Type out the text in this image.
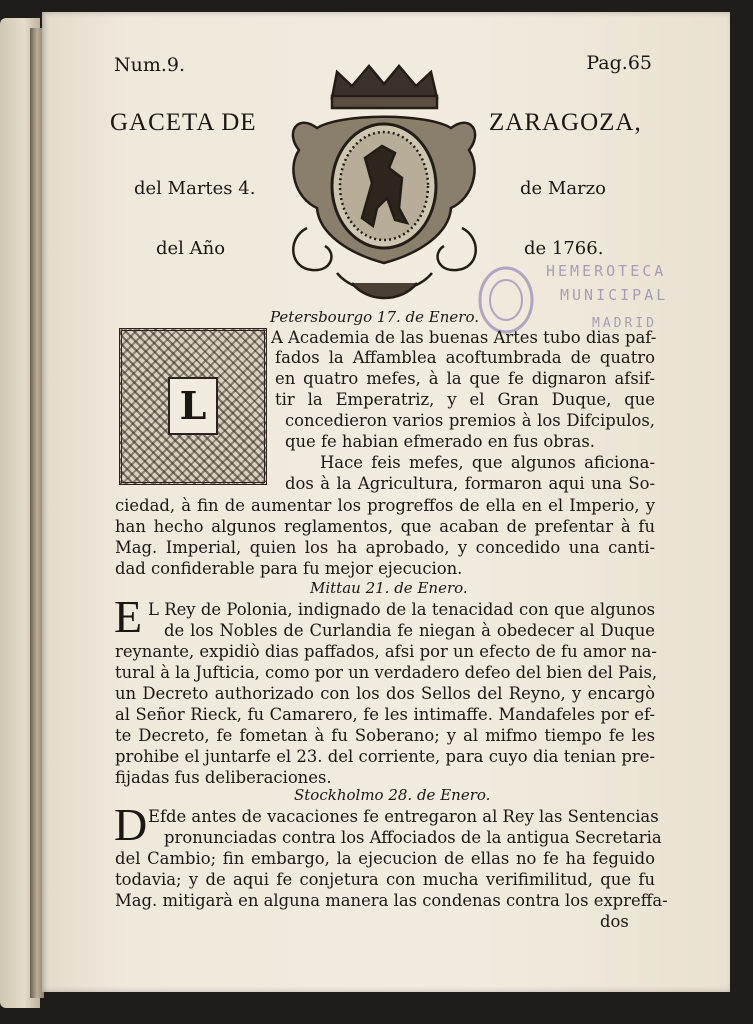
Num.9.	Pag.65
GACETA DE	ZARAGOZA,
del Martes 4.	de Marzo
del Año	de 1766.
HEMEROTECA
MUNICIPAL
MADRID
Petersbourgo 17. de Enero.
L
A Academia de las buenas Artes tubo dias paf-
fados la Affamblea acoftumbrada de quatro
en quatro mefes, à la que fe dignaron afsif-
tir la Emperatriz, y el Gran Duque, que
concedieron varios premios à los Difcipulos,
que fe habian efmerado en fus obras.
Hace feis mefes, que algunos aficiona-
dos à la Agricultura, formaron aqui una So-
ciedad, à fin de aumentar los progreffos de ella en el Imperio, y
han hecho algunos reglamentos, que acaban de prefentar à fu
Mag. Imperial, quien los ha aprobado, y concedido una canti-
dad confiderable para fu mejor ejecucion.
Mittau 21. de Enero.
E L Rey de Polonia, indignado de la tenacidad con que algunos
de los Nobles de Curlandia fe niegan à obedecer al Duque
reynante, expidiò dias paffados, afsi por un efecto de fu amor na-
tural à la Jufticia, como por un verdadero defeo del bien del Pais,
un Decreto authorizado con los dos Sellos del Reyno, y encargò
al Señor Rieck, fu Camarero, fe les intimaffe. Mandafeles por ef-
te Decreto, fe fometan à fu Soberano; y al mifmo tiempo fe les
prohibe el juntarfe el 23. del corriente, para cuyo dia tenian pre-
fijadas fus deliberaciones.
Stockholmo 28. de Enero.
D Efde antes de vacaciones fe entregaron al Rey las Sentencias
pronunciadas contra los Affociados de la antigua Secretaria
del Cambio; fin embargo, la ejecucion de ellas no fe ha feguido
todavia; y de aqui fe conjetura con mucha verifimilitud, que fu
Mag. mitigarà en alguna manera las condenas contra los expreffa-
dos
